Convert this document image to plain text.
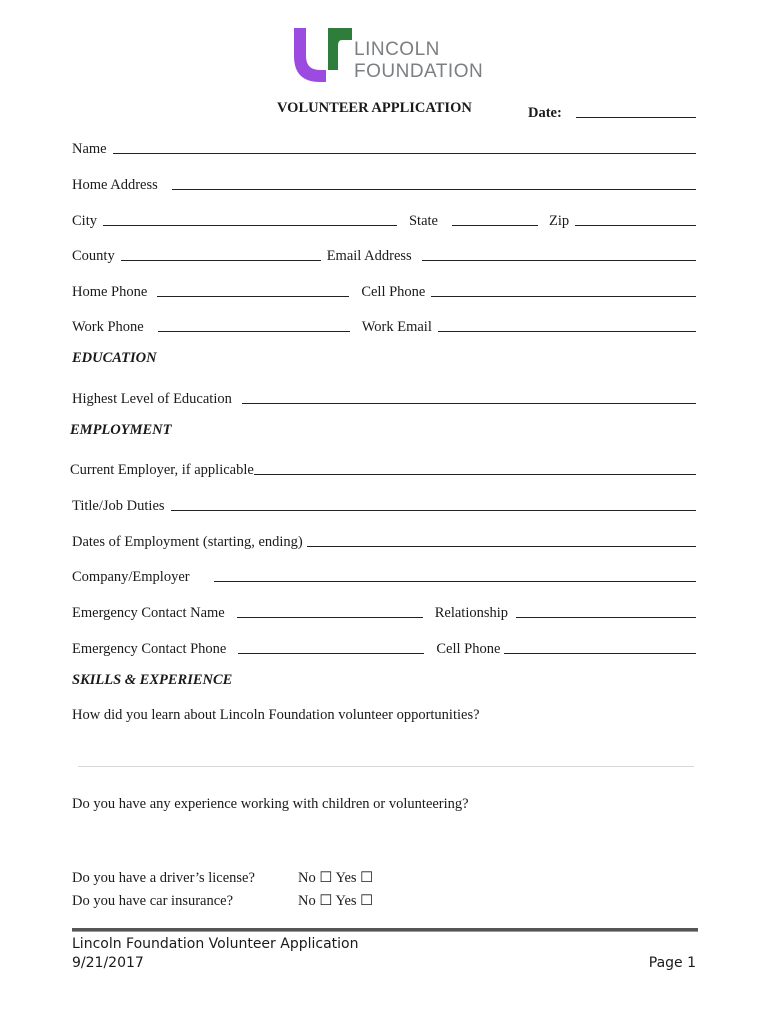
LINCOLN
FOUNDATION
VOLUNTEER APPLICATION	Date:
Name
Home Address
City	State	Zip
County	Email Address
Home Phone	Cell Phone
Work Phone	Work Email
EDUCATION
Highest Level of Education
EMPLOYMENT
Current Employer, if applicable
Title/Job Duties
Dates of Employment (starting, ending)
Company/Employer
Emergency Contact Name	Relationship
Emergency Contact Phone	Cell Phone
SKILLS & EXPERIENCE
How did you learn about Lincoln Foundation volunteer opportunities?
Do you have any experience working with children or volunteering?
Do you have a driver’s license?	No ☐ Yes ☐
Do you have car insurance?	No ☐ Yes ☐
Lincoln Foundation Volunteer Application
9/21/2017	Page 1
